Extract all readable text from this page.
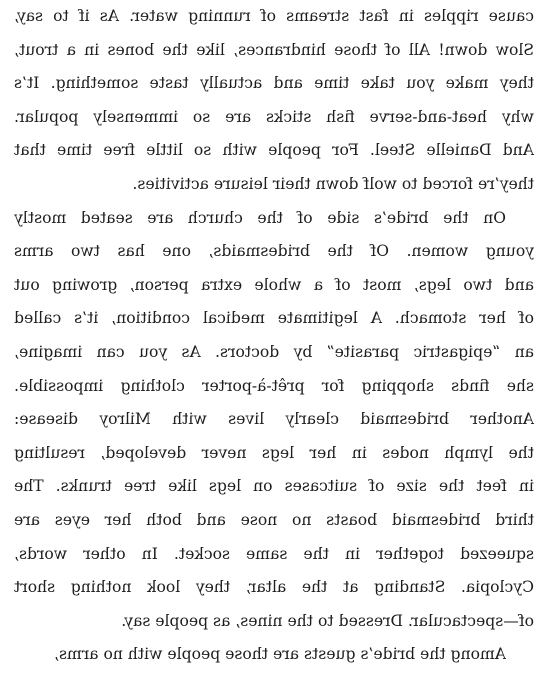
cause ripples in fast streams of running water. As if to say,
Slow down! All of those hindrances, like the bones in a trout,
they make you take time and actually taste something. It’s
why heat-and-serve fish sticks are so immensely popular.
And Danielle Steel. For people with so little free time that
they’re forced to wolf down their leisure activities.

On the bride’s side of the church are seated mostly
young women. Of the bridesmaids, one has two arms
and two legs, most of a whole extra person, growing out
of her stomach. A legitimate medical condition, it’s called
an “epigastric parasite” by doctors. As you can imagine,
she finds shopping for prêt-à-porter clothing impossible.
Another bridesmaid clearly lives with Milroy disease:
the lymph nodes in her legs never developed, resulting
in feet the size of suitcases on legs like tree trunks. The
third bridesmaid boasts no nose and both her eyes are
squeezed together in the same socket. In other words,
Cyclopia. Standing at the altar, they look nothing short
of—spectacular. Dressed to the nines, as people say.

Among the bride’s guests are those people with no arms,
